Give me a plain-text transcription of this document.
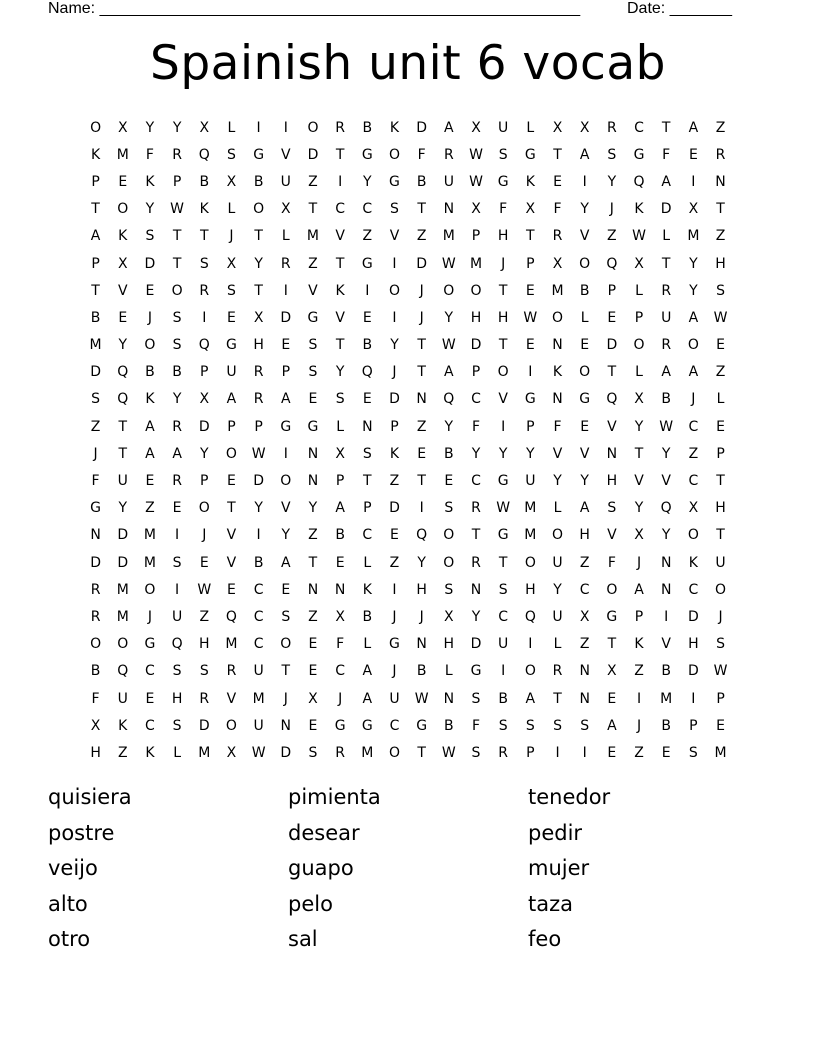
Name: ______________________________________________________	Date: _______
Spainish unit 6 vocab
O	X	Y	Y	X	L	I	I	O	R	B	K	D	A	X	U	L	X	X	R	C	T	A	Z
K	M	F	R	Q	S	G	V	D	T	G	O	F	R	W	S	G	T	A	S	G	F	E	R
P	E	K	P	B	X	B	U	Z	I	Y	G	B	U	W	G	K	E	I	Y	Q	A	I	N
T	O	Y	W	K	L	O	X	T	C	C	S	T	N	X	F	X	F	Y	J	K	D	X	T
A	K	S	T	T	J	T	L	M	V	Z	V	Z	M	P	H	T	R	V	Z	W	L	M	Z
P	X	D	T	S	X	Y	R	Z	T	G	I	D	W	M	J	P	X	O	Q	X	T	Y	H
T	V	E	O	R	S	T	I	V	K	I	O	J	O	O	T	E	M	B	P	L	R	Y	S
B	E	J	S	I	E	X	D	G	V	E	I	J	Y	H	H	W	O	L	E	P	U	A	W
M	Y	O	S	Q	G	H	E	S	T	B	Y	T	W	D	T	E	N	E	D	O	R	O	E
D	Q	B	B	P	U	R	P	S	Y	Q	J	T	A	P	O	I	K	O	T	L	A	A	Z
S	Q	K	Y	X	A	R	A	E	S	E	D	N	Q	C	V	G	N	G	Q	X	B	J	L
Z	T	A	R	D	P	P	G	G	L	N	P	Z	Y	F	I	P	F	E	V	Y	W	C	E
J	T	A	A	Y	O	W	I	N	X	S	K	E	B	Y	Y	Y	V	V	N	T	Y	Z	P
F	U	E	R	P	E	D	O	N	P	T	Z	T	E	C	G	U	Y	Y	H	V	V	C	T
G	Y	Z	E	O	T	Y	V	Y	A	P	D	I	S	R	W	M	L	A	S	Y	Q	X	H
N	D	M	I	J	V	I	Y	Z	B	C	E	Q	O	T	G	M	O	H	V	X	Y	O	T
D	D	M	S	E	V	B	A	T	E	L	Z	Y	O	R	T	O	U	Z	F	J	N	K	U
R	M	O	I	W	E	C	E	N	N	K	I	H	S	N	S	H	Y	C	O	A	N	C	O
R	M	J	U	Z	Q	C	S	Z	X	B	J	J	X	Y	C	Q	U	X	G	P	I	D	J
O	O	G	Q	H	M	C	O	E	F	L	G	N	H	D	U	I	L	Z	T	K	V	H	S
B	Q	C	S	S	R	U	T	E	C	A	J	B	L	G	I	O	R	N	X	Z	B	D	W
F	U	E	H	R	V	M	J	X	J	A	U	W	N	S	B	A	T	N	E	I	M	I	P
X	K	C	S	D	O	U	N	E	G	G	C	G	B	F	S	S	S	S	A	J	B	P	E
H	Z	K	L	M	X	W	D	S	R	M	O	T	W	S	R	P	I	I	E	Z	E	S	M
quisiera
postre
veijo
alto
otro
pimienta
desear
guapo
pelo
sal
tenedor
pedir
mujer
taza
feo
